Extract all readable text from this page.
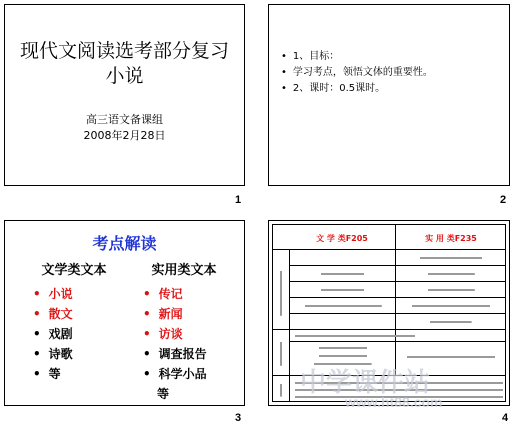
现代文阅读选考部分复习
小说
高三语文备课组
2008年2月28日
1
• 1、目标：
• 学习考点，领悟文体的重要性。
• 2、课时：0.5课时。
2
考点解读
文学类文本
• 小说
• 散文
• 戏剧
• 诗歌
• 等
实用类文本
• 传记
• 新闻
• 访谈
• 调查报告
• 科学小品
等
3
文 学 类F205	实 用 类F235
4
中学课件站
www.ht88.com
